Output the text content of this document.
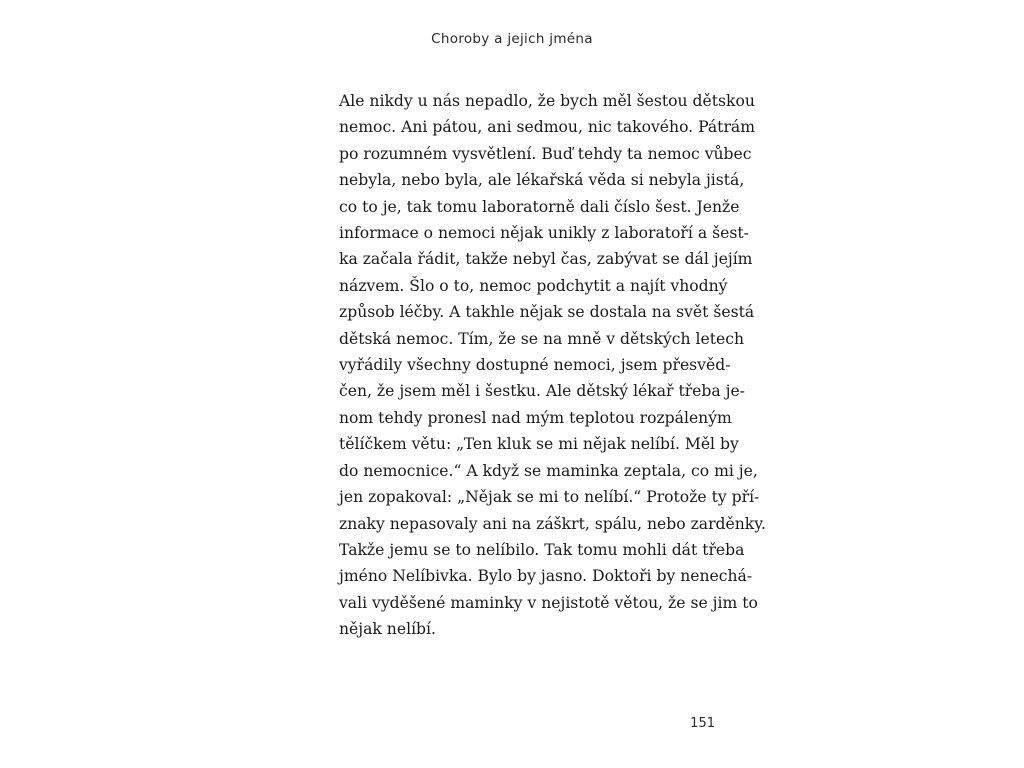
Choroby a jejich jména
Ale nikdy u nás nepadlo, že bych měl šestou dětskou
nemoc. Ani pátou, ani sedmou, nic takového. Pátrám
po rozumném vysvětlení. Buď tehdy ta nemoc vůbec
nebyla, nebo byla, ale lékařská věda si nebyla jistá,
co to je, tak tomu laboratorně dali číslo šest. Jenže
informace o nemoci nějak unikly z laboratoří a šest-
ka začala řádit, takže nebyl čas, zabývat se dál jejím
názvem. Šlo o to, nemoc podchytit a najít vhodný
způsob léčby. A takhle nějak se dostala na svět šestá
dětská nemoc. Tím, že se na mně v dětských letech
vyřádily všechny dostupné nemoci, jsem přesvěd-
čen, že jsem měl i šestku. Ale dětský lékař třeba je-
nom tehdy pronesl nad mým teplotou rozpáleným
tělíčkem větu: „Ten kluk se mi nějak nelíbí. Měl by
do nemocnice.“ A když se maminka zeptala, co mi je,
jen zopakoval: „Nějak se mi to nelíbí.“ Protože ty pří-
znaky nepasovaly ani na záškrt, spálu, nebo zarděnky.
Takže jemu se to nelíbilo. Tak tomu mohli dát třeba
jméno Nelíbivka. Bylo by jasno. Doktoři by nenechá-
vali vyděšené maminky v nejistotě větou, že se jim to
nějak nelíbí.
151
